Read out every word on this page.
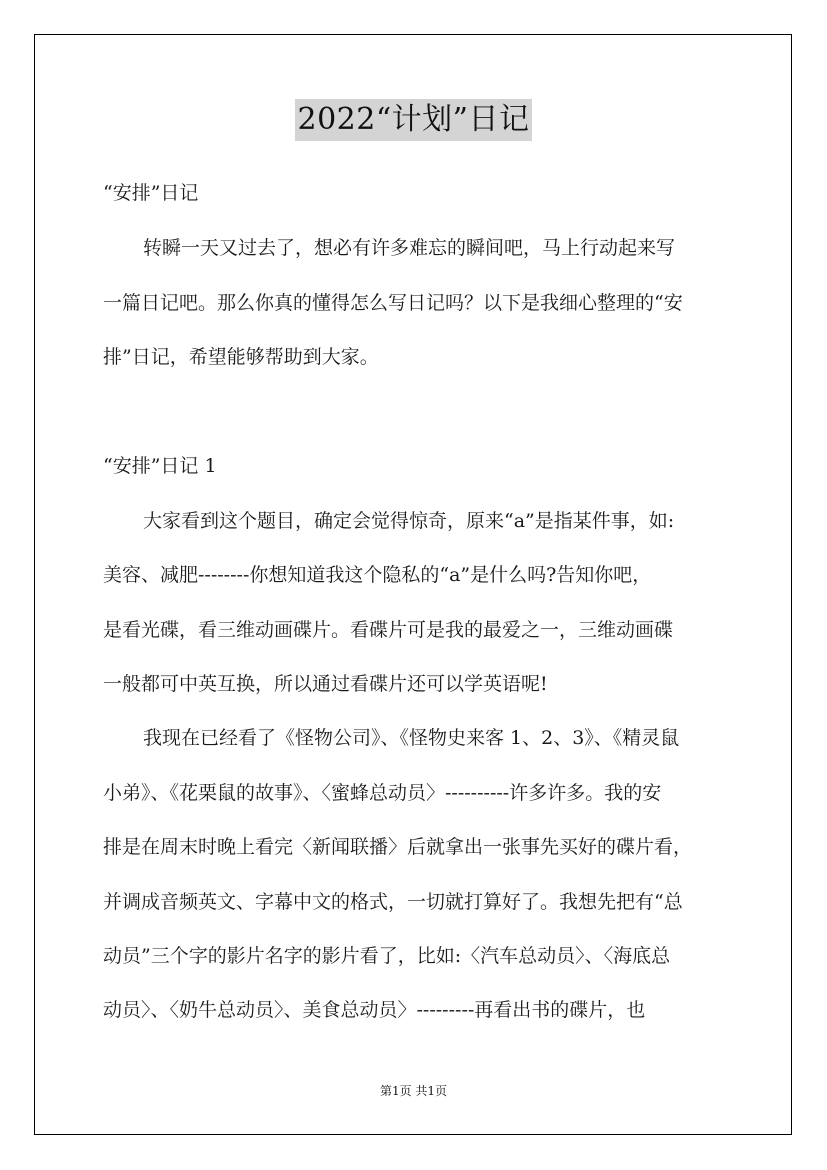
2022“计划”日记
“安排”日记
转瞬一天又过去了，想必有许多难忘的瞬间吧，马上行动起来写
一篇日记吧。那么你真的懂得怎么写日记吗？以下是我细心整理的“安
排”日记，希望能够帮助到大家。
“安排”日记 1
大家看到这个题目，确定会觉得惊奇，原来“a”是指某件事，如:
美容、减肥--------你想知道我这个隐私的“a”是什么吗?告知你吧，
是看光碟，看三维动画碟片。看碟片可是我的最爱之一，三维动画碟
一般都可中英互换，所以通过看碟片还可以学英语呢!
我现在已经看了《怪物公司》、《怪物史来客 1、2、3》、《精灵鼠
小弟》、《花栗鼠的故事》、〈蜜蜂总动员〉----------许多许多。我的安
排是在周末时晚上看完〈新闻联播〉后就拿出一张事先买好的碟片看，
并调成音频英文、字幕中文的格式，一切就打算好了。我想先把有“总
动员”三个字的影片名字的影片看了，比如:〈汽车总动员〉、〈海底总
动员〉、〈奶牛总动员〉、美食总动员〉---------再看出书的碟片，也
第1页 共1页
